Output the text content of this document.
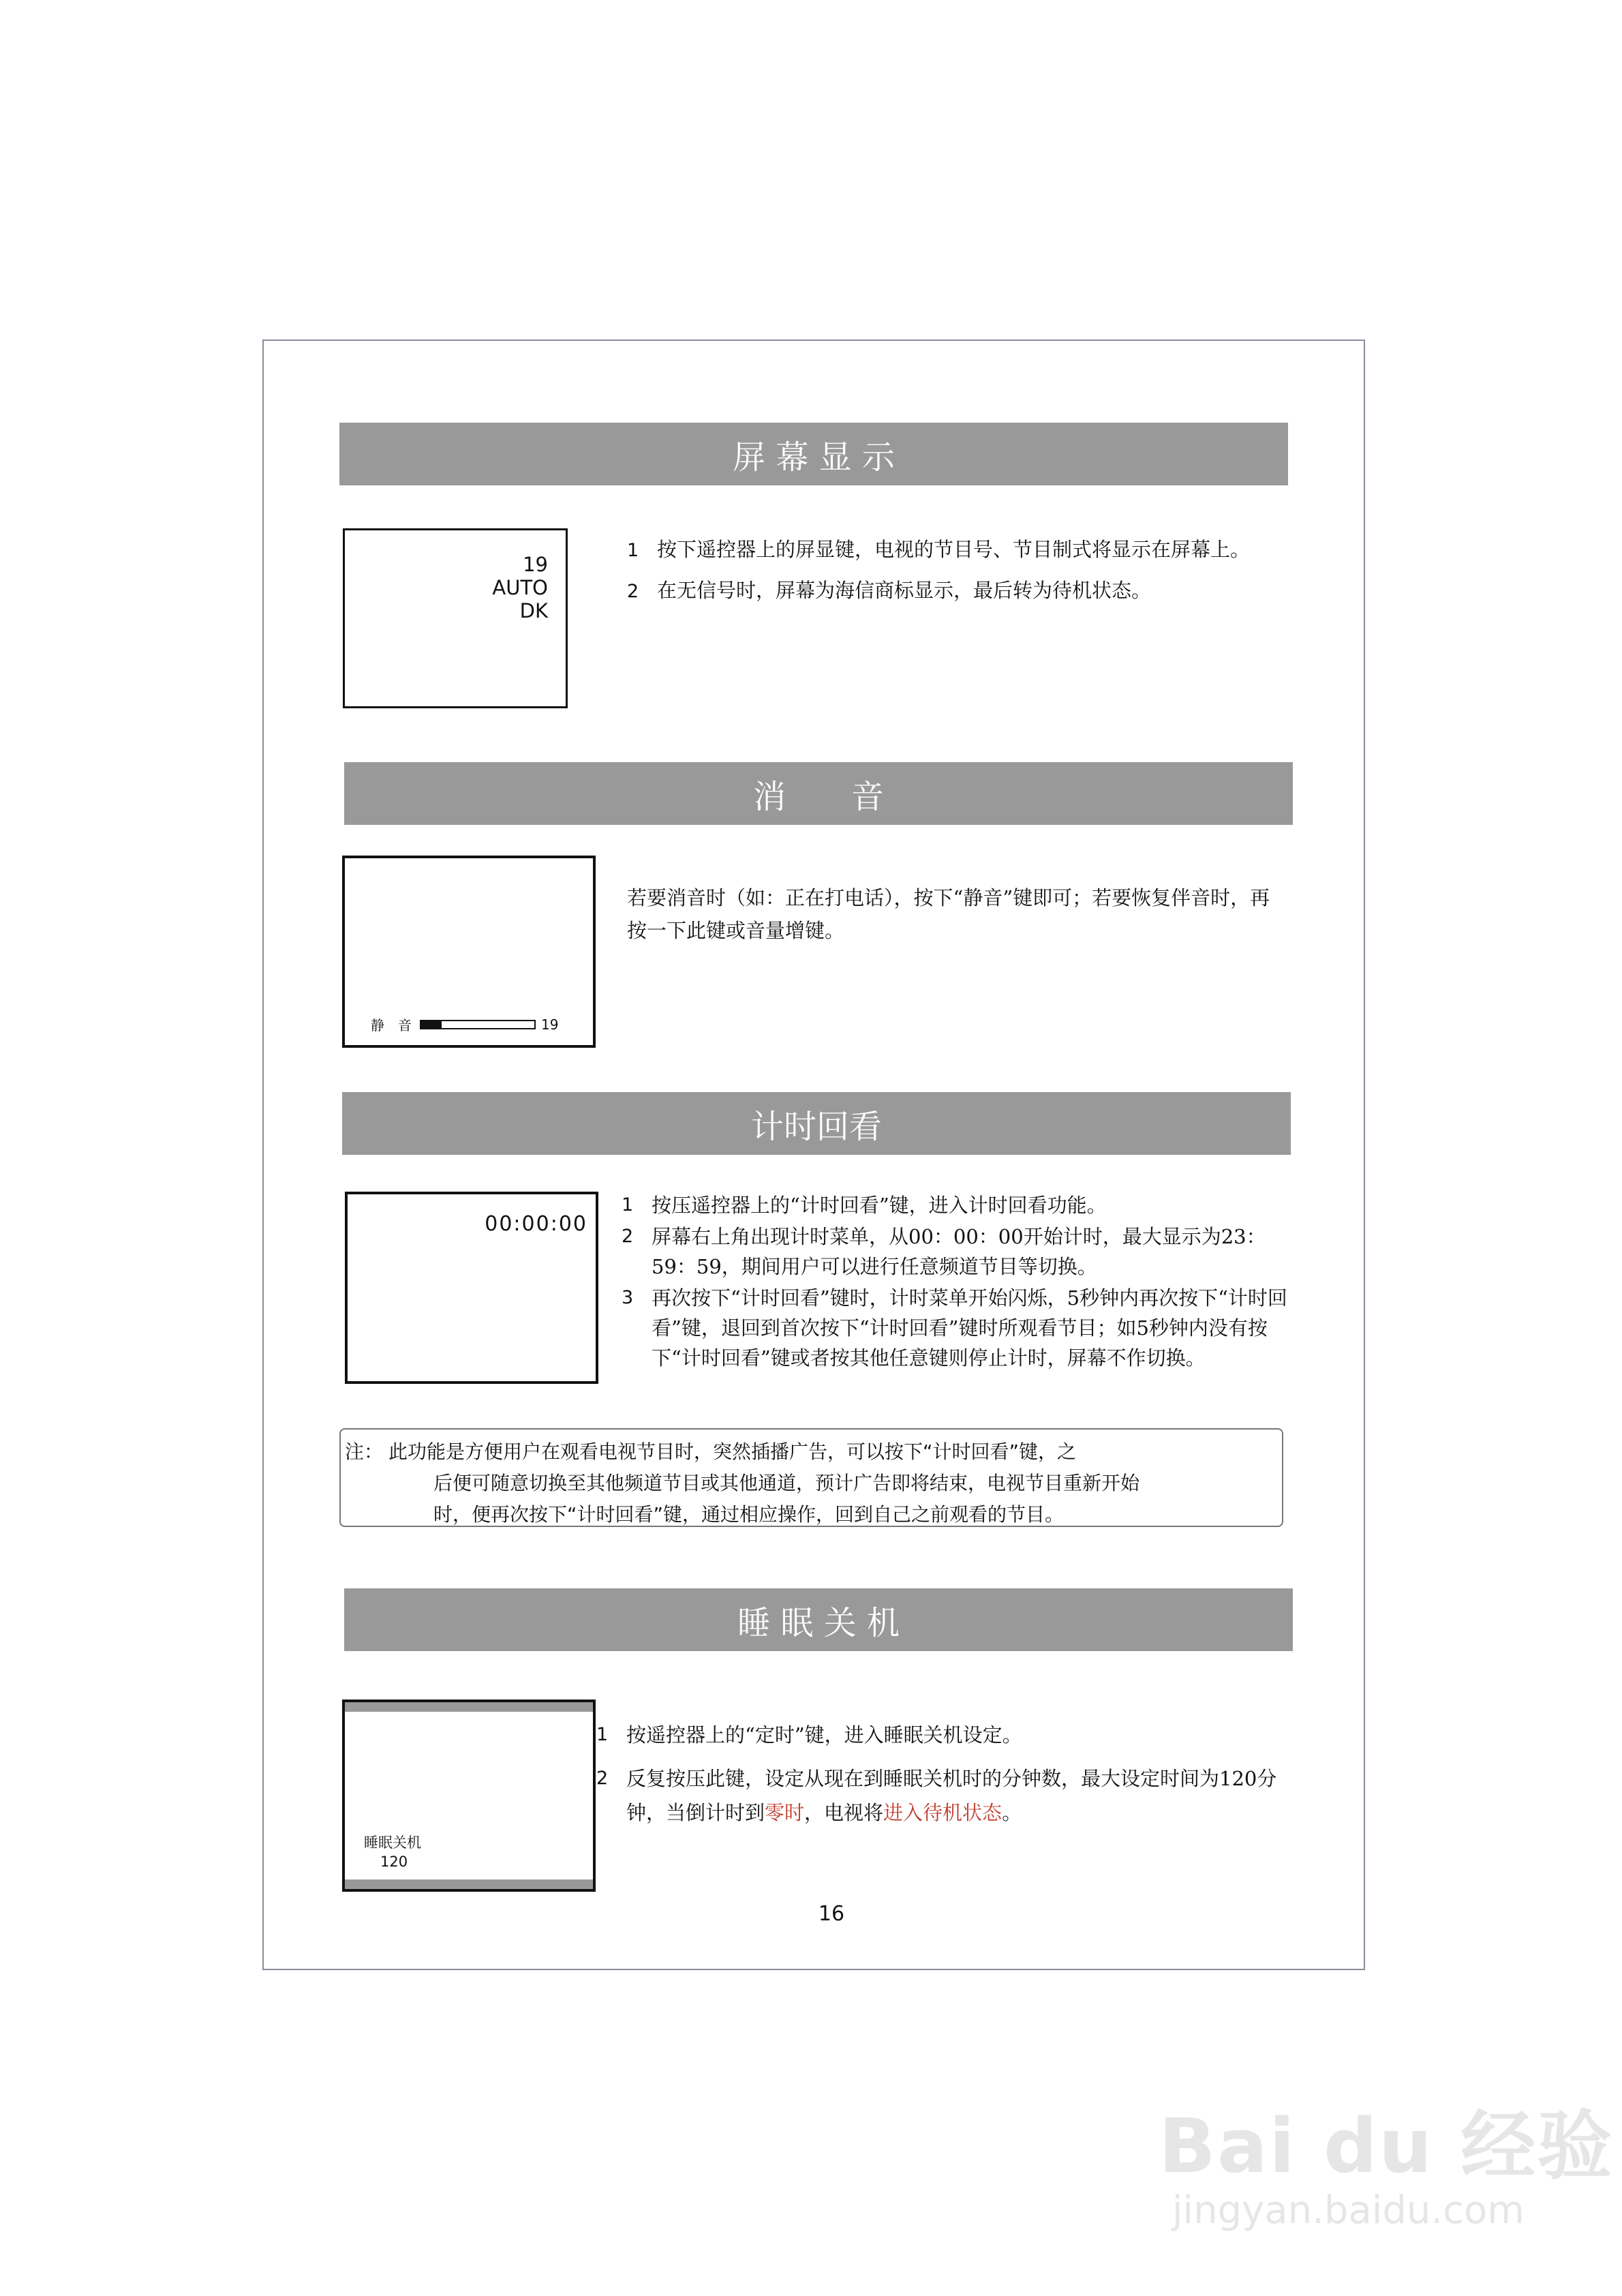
屏 幕 显 示
19
AUTO
DK
1 按下遥控器上的屏显键，电视的节目号、节目制式将显示在屏幕上。
2 在无信号时，屏幕为海信商标显示，最后转为待机状态。
消　　音
静　音	19
若要消音时（如：正在打电话），按下“静音”键即可；若要恢复伴音时，再按一下此键或音量增键。
计时回看
00:00:00
1 按压遥控器上的“计时回看”键，进入计时回看功能。
2 屏幕右上角出现计时菜单，从00：00：00开始计时，最大显示为23：59：59，期间用户可以进行任意频道节目等切换。
3 再次按下“计时回看”键时，计时菜单开始闪烁，5秒钟内再次按下“计时回看”键，退回到首次按下“计时回看”键时所观看节目；如5秒钟内没有按下“计时回看”键或者按其他任意键则停止计时，屏幕不作切换。
注： 此功能是方便用户在观看电视节目时，突然插播广告，可以按下“计时回看”键，之
后便可随意切换至其他频道节目或其他通道，预计广告即将结束，电视节目重新开始
时，便再次按下“计时回看”键，通过相应操作，回到自己之前观看的节目。
睡 眠 关 机
睡眠关机
120
1 按遥控器上的“定时”键，进入睡眠关机设定。
2 反复按压此键，设定从现在到睡眠关机时的分钟数，最大设定时间为120分钟，当倒计时到零时，电视将进入待机状态。
16
Bai du 经验
jingyan.baidu.com
